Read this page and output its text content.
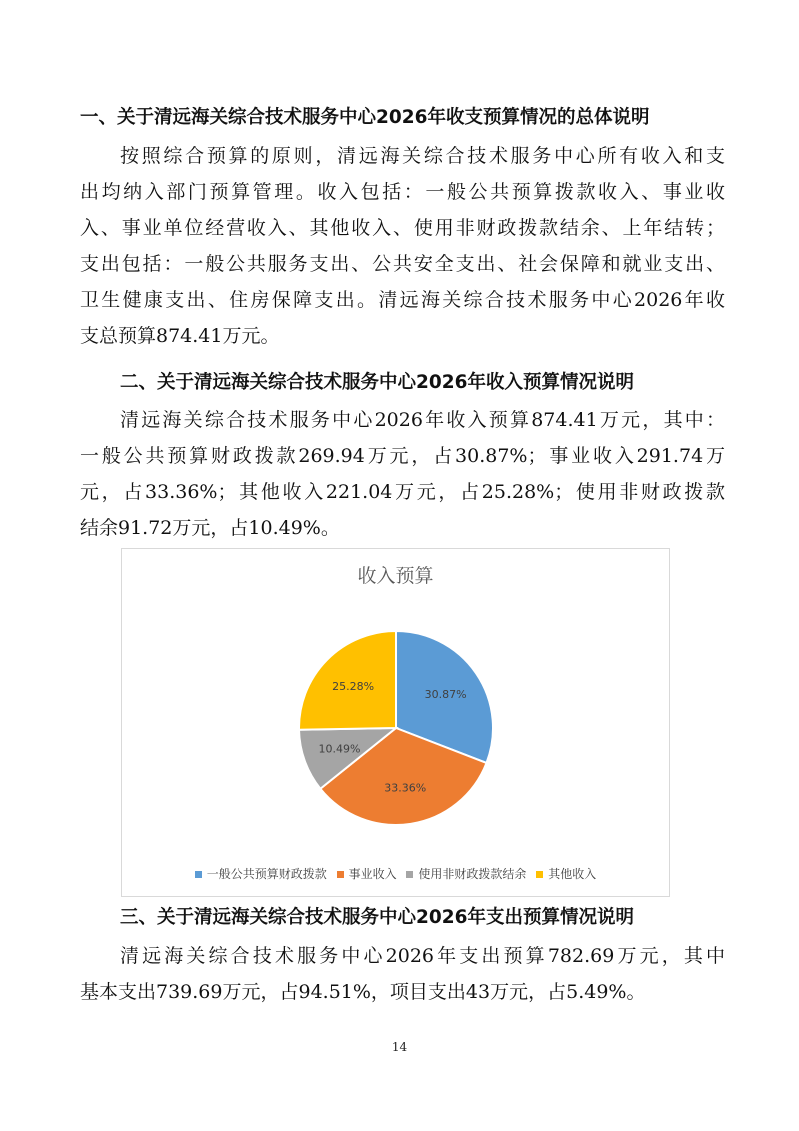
一、关于清远海关综合技术服务中心2026年收支预算情况的总体说明
按照综合预算的原则，清远海关综合技术服务中心所有收入和支
出均纳入部门预算管理。收入包括：一般公共预算拨款收入、事业收
入、事业单位经营收入、其他收入、使用非财政拨款结余、上年结转；
支出包括：一般公共服务支出、公共安全支出、社会保障和就业支出、
卫生健康支出、住房保障支出。清远海关综合技术服务中心2026年收
支总预算874.41万元。
二、关于清远海关综合技术服务中心2026年收入预算情况说明
清远海关综合技术服务中心2026年收入预算874.41万元，其中：
一般公共预算财政拨款269.94万元，占30.87%；事业收入291.74万
元，占33.36%；其他收入221.04万元，占25.28%；使用非财政拨款
结余91.72万元，占10.49%。
收入预算
30.87%
33.36%
10.49%
25.28%
一般公共预算财政拨款 事业收入 使用非财政拨款结余 其他收入
三、关于清远海关综合技术服务中心2026年支出预算情况说明
清远海关综合技术服务中心2026年支出预算782.69万元，其中
基本支出739.69万元，占94.51%，项目支出43万元，占5.49%。
14
